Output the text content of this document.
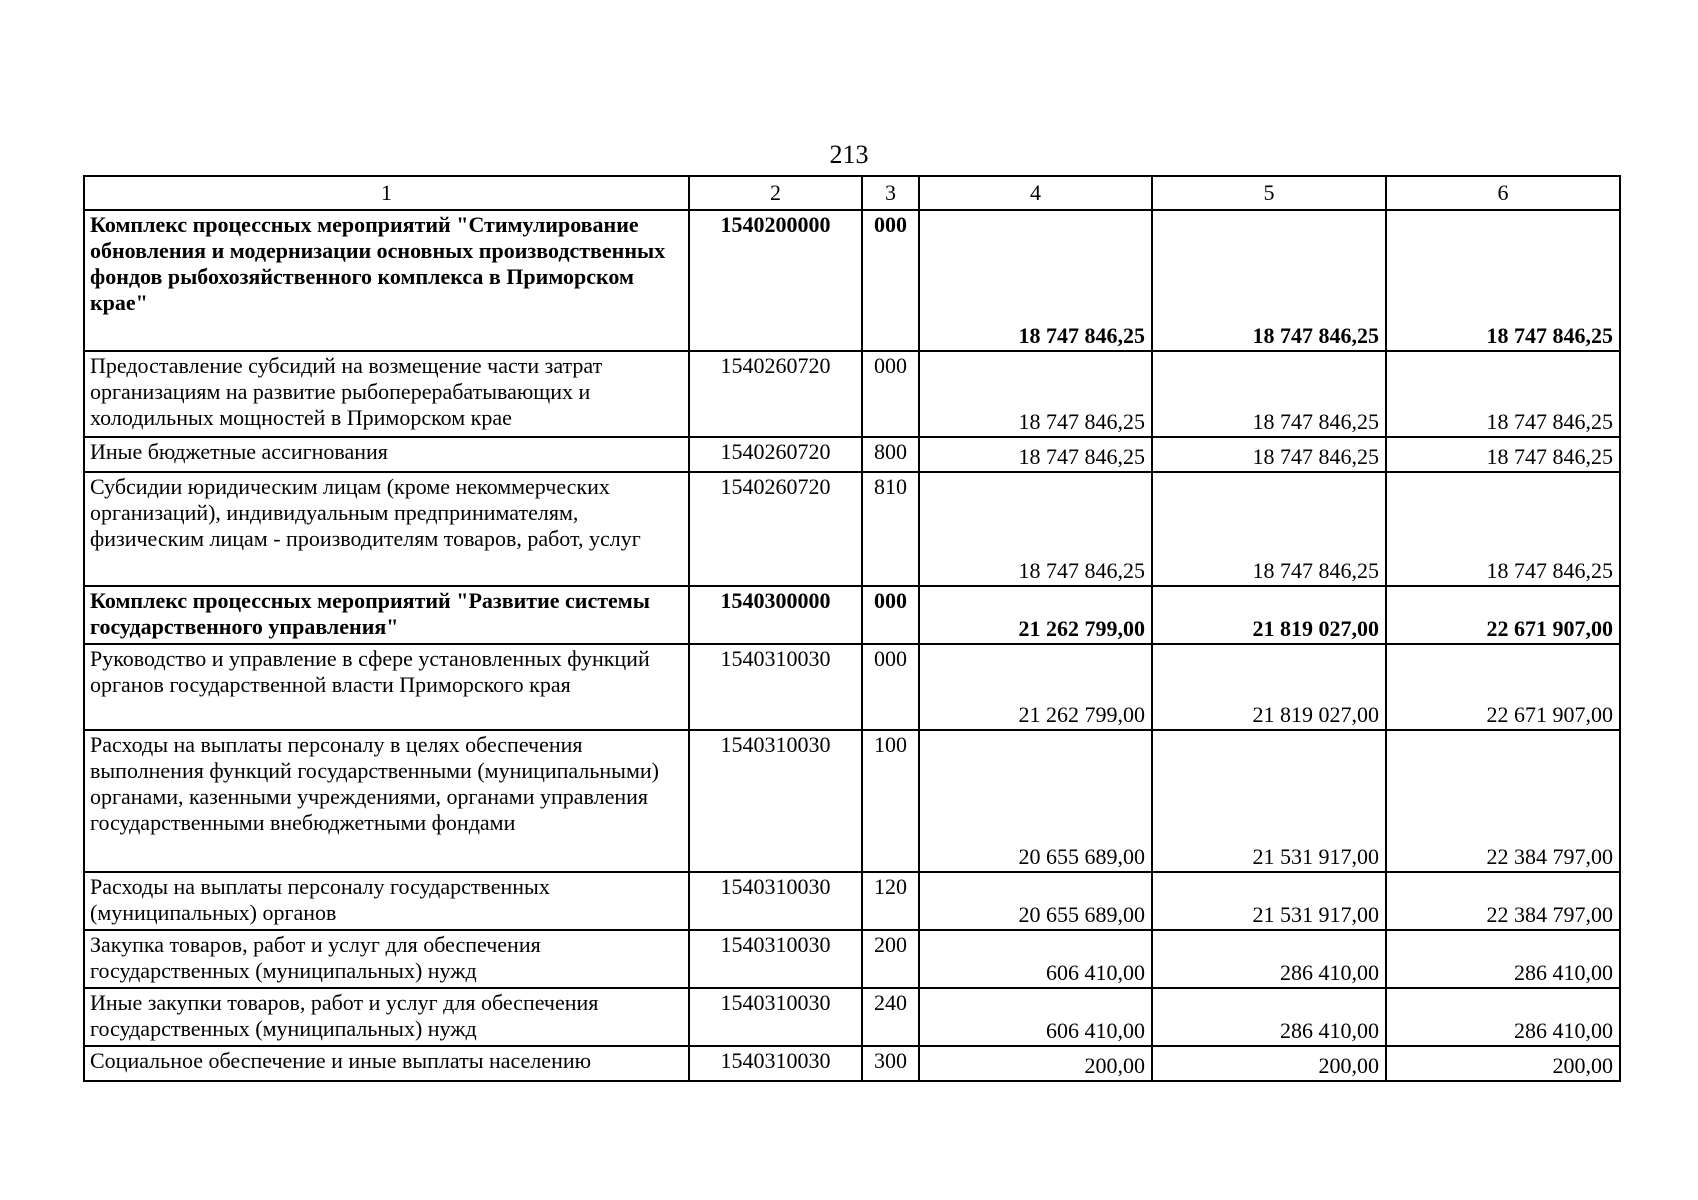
213
1	2	3	4	5	6
Комплекс процессных мероприятий "Стимулирование обновления и модернизации основных производственных фондов рыбохозяйственного комплекса в Приморском крае"	1540200000	000	18 747 846,25	18 747 846,25	18 747 846,25
Предоставление субсидий на возмещение части затрат организациям на развитие рыбоперерабатывающих и холодильных мощностей в Приморском крае	1540260720	000	18 747 846,25	18 747 846,25	18 747 846,25
Иные бюджетные ассигнования	1540260720	800	18 747 846,25	18 747 846,25	18 747 846,25
Субсидии юридическим лицам (кроме некоммерческих организаций), индивидуальным предпринимателям, физическим лицам - производителям товаров, работ, услуг	1540260720	810	18 747 846,25	18 747 846,25	18 747 846,25
Комплекс процессных мероприятий "Развитие системы государственного управления"	1540300000	000	21 262 799,00	21 819 027,00	22 671 907,00
Руководство и управление в сфере установленных функций органов государственной власти Приморского края	1540310030	000	21 262 799,00	21 819 027,00	22 671 907,00
Расходы на выплаты персоналу в целях обеспечения выполнения функций государственными (муниципальными) органами, казенными учреждениями, органами управления государственными внебюджетными фондами	1540310030	100	20 655 689,00	21 531 917,00	22 384 797,00
Расходы на выплаты персоналу государственных (муниципальных) органов	1540310030	120	20 655 689,00	21 531 917,00	22 384 797,00
Закупка товаров, работ и услуг для обеспечения государственных (муниципальных) нужд	1540310030	200	606 410,00	286 410,00	286 410,00
Иные закупки товаров, работ и услуг для обеспечения государственных (муниципальных) нужд	1540310030	240	606 410,00	286 410,00	286 410,00
Социальное обеспечение и иные выплаты населению	1540310030	300	200,00	200,00	200,00
